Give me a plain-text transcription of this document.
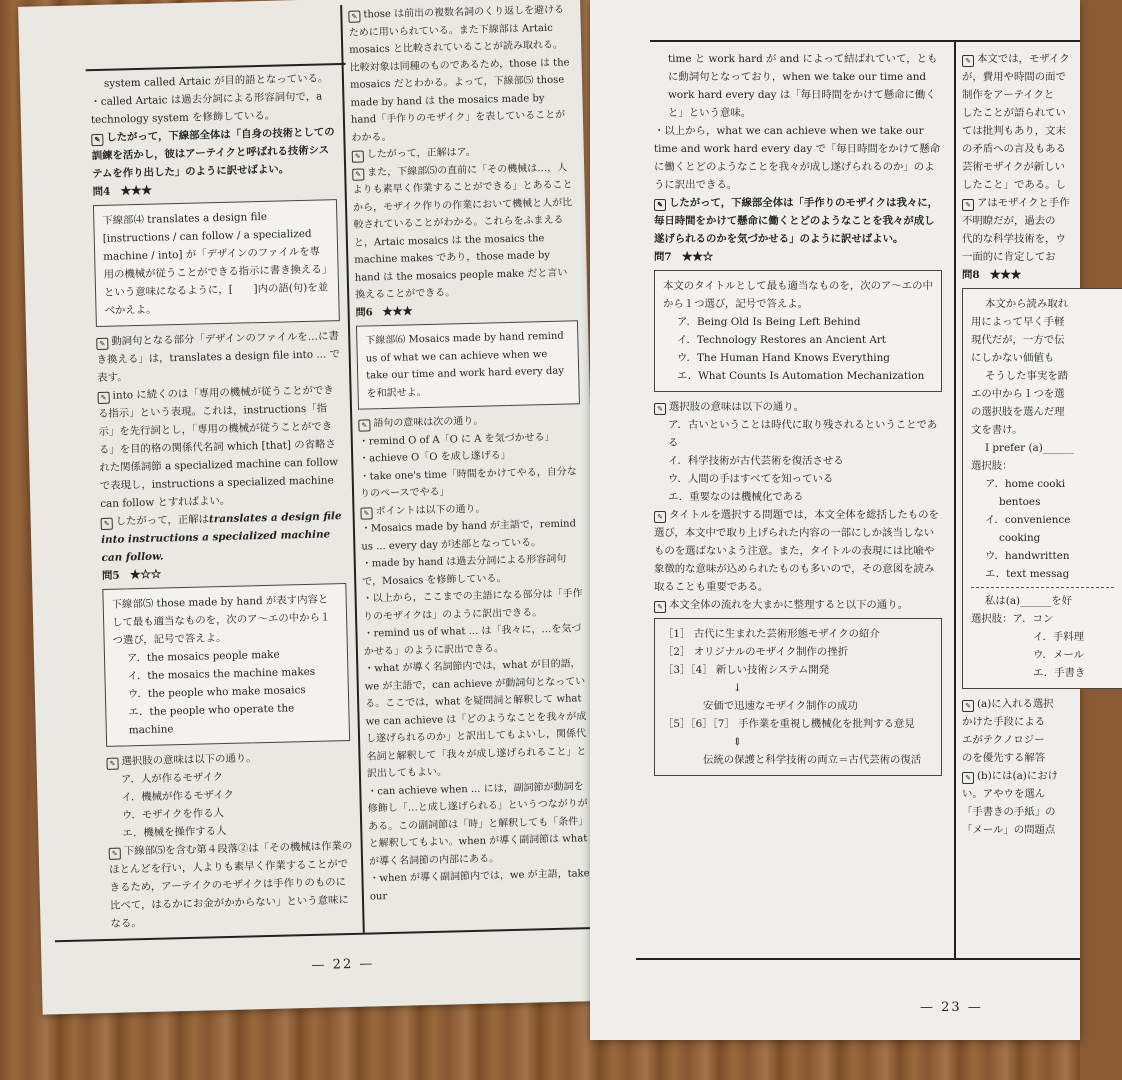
system called Artaic が目的語となっている。

・called Artaic は過去分詞による形容詞句で，a technology system を修飾している。

✎ したがって，下線部全体は「自身の技術としての訓練を活かし，彼はアーテイクと呼ばれる技術システムを作り出した」のように訳せばよい。

問4　★★★

下線部⑷ translates a design file [instructions / can follow / a specialized machine / into] が「デザインのファイルを専用の機械が従うことができる指示に書き換える」という意味になるように，[　　]内の語(句)を並べかえよ。

✎ 動詞句となる部分「デザインのファイルを…に書き換える」は，translates a design file into ... で表す。

✎ into に続くのは「専用の機械が従うことができる指示」という表現。これは，instructions「指示」を先行詞とし，「専用の機械が従うことができる」を目的格の関係代名詞 which [that] の省略された関係詞節 a specialized machine can follow で表現し，instructions a specialized machine can follow とすればよい。

✎ したがって，正解はtranslates a design file into instructions a specialized machine can follow.

問5　★☆☆

下線部⑸ those made by hand が表す内容として最も適当なものを，次のア～エの中から１つ選び，記号で答えよ。

ア．the mosaics people make

イ．the mosaics the machine makes

ウ．the people who make mosaics

エ．the people who operate the machine

✎ 選択肢の意味は以下の通り。

ア．人が作るモザイク

イ．機械が作るモザイク

ウ．モザイクを作る人

エ．機械を操作する人

✎ 下線部⑸を含む第４段落②は「その機械は作業のほとんどを行い，人よりも素早く作業することができるため，アーテイクのモザイクは手作りのものに比べて，はるかにお金がかからない」という意味になる。

✎ those は前出の複数名詞のくり返しを避けるために用いられている。また下線部は Artaic mosaics と比較されていることが読み取れる。比較対象は同種のものであるため，those は the mosaics だとわかる。よって，下線部⑸ those made by hand は the mosaics made by hand「手作りのモザイク」を表していることがわかる。

✎ したがって，正解はア。

✎ また，下線部⑸の直前に「その機械は…，人よりも素早く作業することができる」とあることから，モザイク作りの作業において機械と人が比較されていることがわかる。これらをふまえると，Artaic mosaics は the mosaics the machine makes であり，those made by hand は the mosaics people make だと言い換えることができる。

問6　★★★

下線部⑹ Mosaics made by hand remind us of what we can achieve when we take our time and work hard every day を和訳せよ。

✎ 語句の意味は次の通り。

・remind O of A「O に A を気づかせる」

・achieve O「O を成し遂げる」

・take one's time「時間をかけてやる，自分なりのペースでやる」

✎ ポイントは以下の通り。

・Mosaics made by hand が主語で，remind us ... every day が述部となっている。

・made by hand は過去分詞による形容詞句で，Mosaics を修飾している。

・以上から，ここまでの主語になる部分は「手作りのモザイクは」のように訳出できる。

・remind us of what ... は「我々に，…を気づかせる」のように訳出できる。

・what が導く名詞節内では，what が目的語，we が主語で，can achieve が動詞句となっている。ここでは，what を疑問詞と解釈して what we can achieve は「どのようなことを我々が成し遂げられるのか」と訳出してもよいし，関係代名詞と解釈して「我々が成し遂げられること」と訳出してもよい。

・can achieve when ... には，副詞節が動詞を修飾し「…と成し遂げられる」というつながりがある。この副詞節は「時」と解釈しても「条件」と解釈してもよい。when が導く副詞節は what が導く名詞節の内部にある。

・when が導く副詞節内では，we が主語，take our

— 22 —

time と work hard が and によって結ばれていて，ともに動詞句となっており，when we take our time and work hard every day は「毎日時間をかけて懸命に働くと」という意味。

・以上から，what we can achieve when we take our time and work hard every day で「毎日時間をかけて懸命に働くとどのようなことを我々が成し遂げられるのか」のように訳出できる。

✎ したがって，下線部全体は「手作りのモザイクは我々に，毎日時間をかけて懸命に働くとどのようなことを我々が成し遂げられるのかを気づかせる」のように訳せばよい。

問7　★★☆

本文のタイトルとして最も適当なものを，次のア～エの中から１つ選び，記号で答えよ。

ア．Being Old Is Being Left Behind

イ．Technology Restores an Ancient Art

ウ．The Human Hand Knows Everything

エ．What Counts Is Automation Mechanization

✎ 選択肢の意味は以下の通り。

ア．古いということは時代に取り残されるということである

イ．科学技術が古代芸術を復活させる

ウ．人間の手はすべてを知っている

エ．重要なのは機械化である

✎ タイトルを選択する問題では，本文全体を総括したものを選び，本文中で取り上げられた内容の一部にしか該当しないものを選ばないよう注意。また，タイトルの表現には比喩や象徴的な意味が込められたものも多いので，その意図を読み取ることも重要である。

✎ 本文全体の流れを大まかに整理すると以下の通り。

［1］ 古代に生まれた芸術形態モザイクの紹介

［2］ オリジナルのモザイク制作の挫折

［3］［4］ 新しい技術システム開発

↓

安価で迅速なモザイク制作の成功

［5］［6］［7］ 手作業を重視し機械化を批判する意見

⇕

伝統の保護と科学技術の両立＝古代芸術の復活

✎ 本文では，モザイク

が，費用や時間の面で

制作をアーテイクと

したことが語られてい

ては批判もあり，文末

の矛盾への言及もある

芸術モザイクが新しい

したこと」である。し

✎ アはモザイクと手作

不明瞭だが，過去の

代的な科学技術を，ウ

一面的に肯定してお

問8　★★★

本文から読み取れ

用によって早く手軽

現代だが，一方で伝

にしかない価値も

そうした事実を踏

エの中から１つを選

の選択肢を選んだ理

文を書け。

I prefer (a)______

選択肢：

ア．home cooki

bentoes

イ．convenience

cooking

ウ．handwritten

エ．text messag

私は(a)______を好

選択肢：ア．コン

イ．手料理

ウ．メール

エ．手書き

✎ (a)に入れる選択

かけた手段による

エがテクノロジー

のを優先する解答

✎ (b)には(a)におけ

い。アやウを選ん

「手書きの手紙」の

「メール」の問題点

— 23 —
